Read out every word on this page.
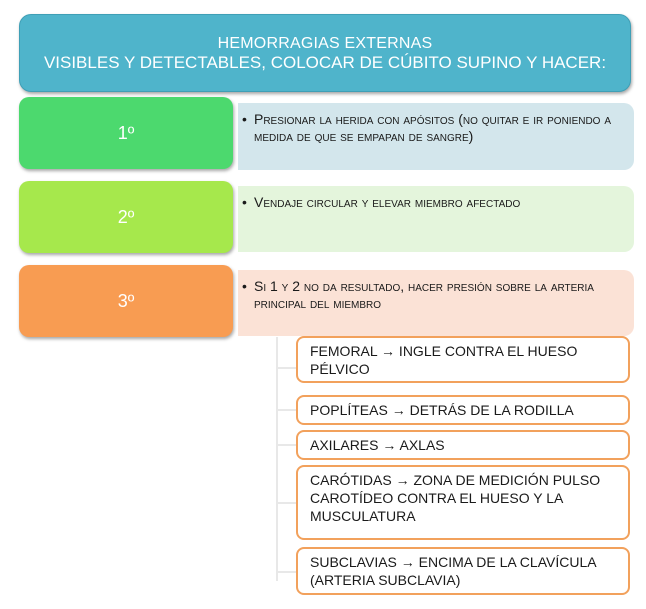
HEMORRAGIAS EXTERNAS
VISIBLES Y DETECTABLES, COLOCAR DE CÚBITO SUPINO Y HACER:
1º
• Presionar la herida con apósitos (no quitar e ir poniendo a medida de que se empapan de sangre)
2º
• Vendaje circular y elevar miembro afectado
3º
• Si 1 y 2 no da resultado, hacer presión sobre la arteria principal del miembro
FEMORAL → INGLE CONTRA EL HUESO PÉLVICO
POPLÍTEAS → DETRÁS DE LA RODILLA
AXILARES → AXLAS
CARÓTIDAS → ZONA DE MEDICIÓN PULSO CAROTÍDEO CONTRA EL HUESO Y LA MUSCULATURA
SUBCLAVIAS → ENCIMA DE LA CLAVÍCULA (ARTERIA SUBCLAVIA)
